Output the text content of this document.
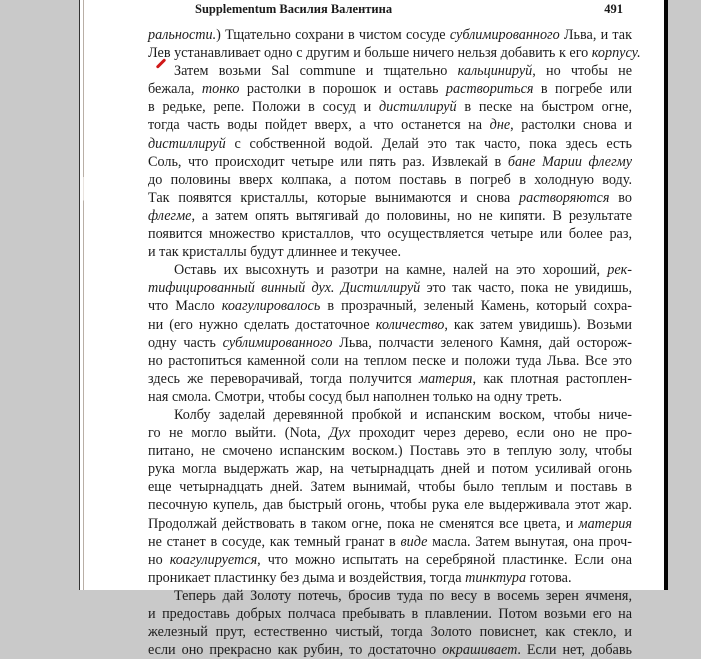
Supplementum Василия Валентина	491
ральности.) Тщательно сохрани в чистом сосуде сублимированного Льва, и так
Лев устанавливает одно с другим и больше ничего нельзя добавить к его корпусу.
Затем возьми Sal commune и тщательно кальцинируй, но чтобы не
бежала, тонко растолки в порошок и оставь раствориться в погребе или
в редьке, репе. Положи в сосуд и дистиллируй в песке на быстром огне,
тогда часть воды пойдет вверх, а что останется на дне, растолки снова и
дистиллируй с собственной водой. Делай это так часто, пока здесь есть
Соль, что происходит четыре или пять раз. Извлекай в бане Марии флегму
до половины вверх колпака, а потом поставь в погреб в холодную воду.
Так появятся кристаллы, которые вынимаются и снова растворяются во
флегме, а затем опять вытягивай до половины, но не кипяти. В результате
появится множество кристаллов, что осуществляется четыре или более раз,
и так кристаллы будут длиннее и текучее.
Оставь их высохнуть и разотри на камне, налей на это хороший, рек-
тифицированный винный дух. Дистиллируй это так часто, пока не увидишь,
что Масло коагулировалось в прозрачный, зеленый Камень, который сохра-
ни (его нужно сделать достаточное количество, как затем увидишь). Возьми
одну часть сублимированного Льва, полчасти зеленого Камня, дай осторож-
но растопиться каменной соли на теплом песке и положи туда Льва. Все это
здесь же переворачивай, тогда получится материя, как плотная растоплен-
ная смола. Смотри, чтобы сосуд был наполнен только на одну треть.
Колбу заделай деревянной пробкой и испанским воском, чтобы ниче-
го не могло выйти. (Nota, Дух проходит через дерево, если оно не про-
питано, не смочено испанским воском.) Поставь это в теплую золу, чтобы
рука могла выдержать жар, на четырнадцать дней и потом усиливай огонь
еще четырнадцать дней. Затем вынимай, чтобы было теплым и поставь в
песочную купель, дав быстрый огонь, чтобы рука еле выдерживала этот жар.
Продолжай действовать в таком огне, пока не сменятся все цвета, и материя
не станет в сосуде, как темный гранат в виде масла. Затем вынутая, она проч-
но коагулируется, что можно испытать на серебряной пластинке. Если она
проникает пластинку без дыма и воздействия, тогда тинктура готова.
Теперь дай Золоту потечь, бросив туда по весу в восемь зерен ячменя,
и предоставь добрых полчаса пребывать в плавлении. Потом возьми его на
железный прут, естественно чистый, тогда Золото повиснет, как стекло, и
если оно прекрасно как рубин, то достаточно окрашивает. Если нет, добавь
